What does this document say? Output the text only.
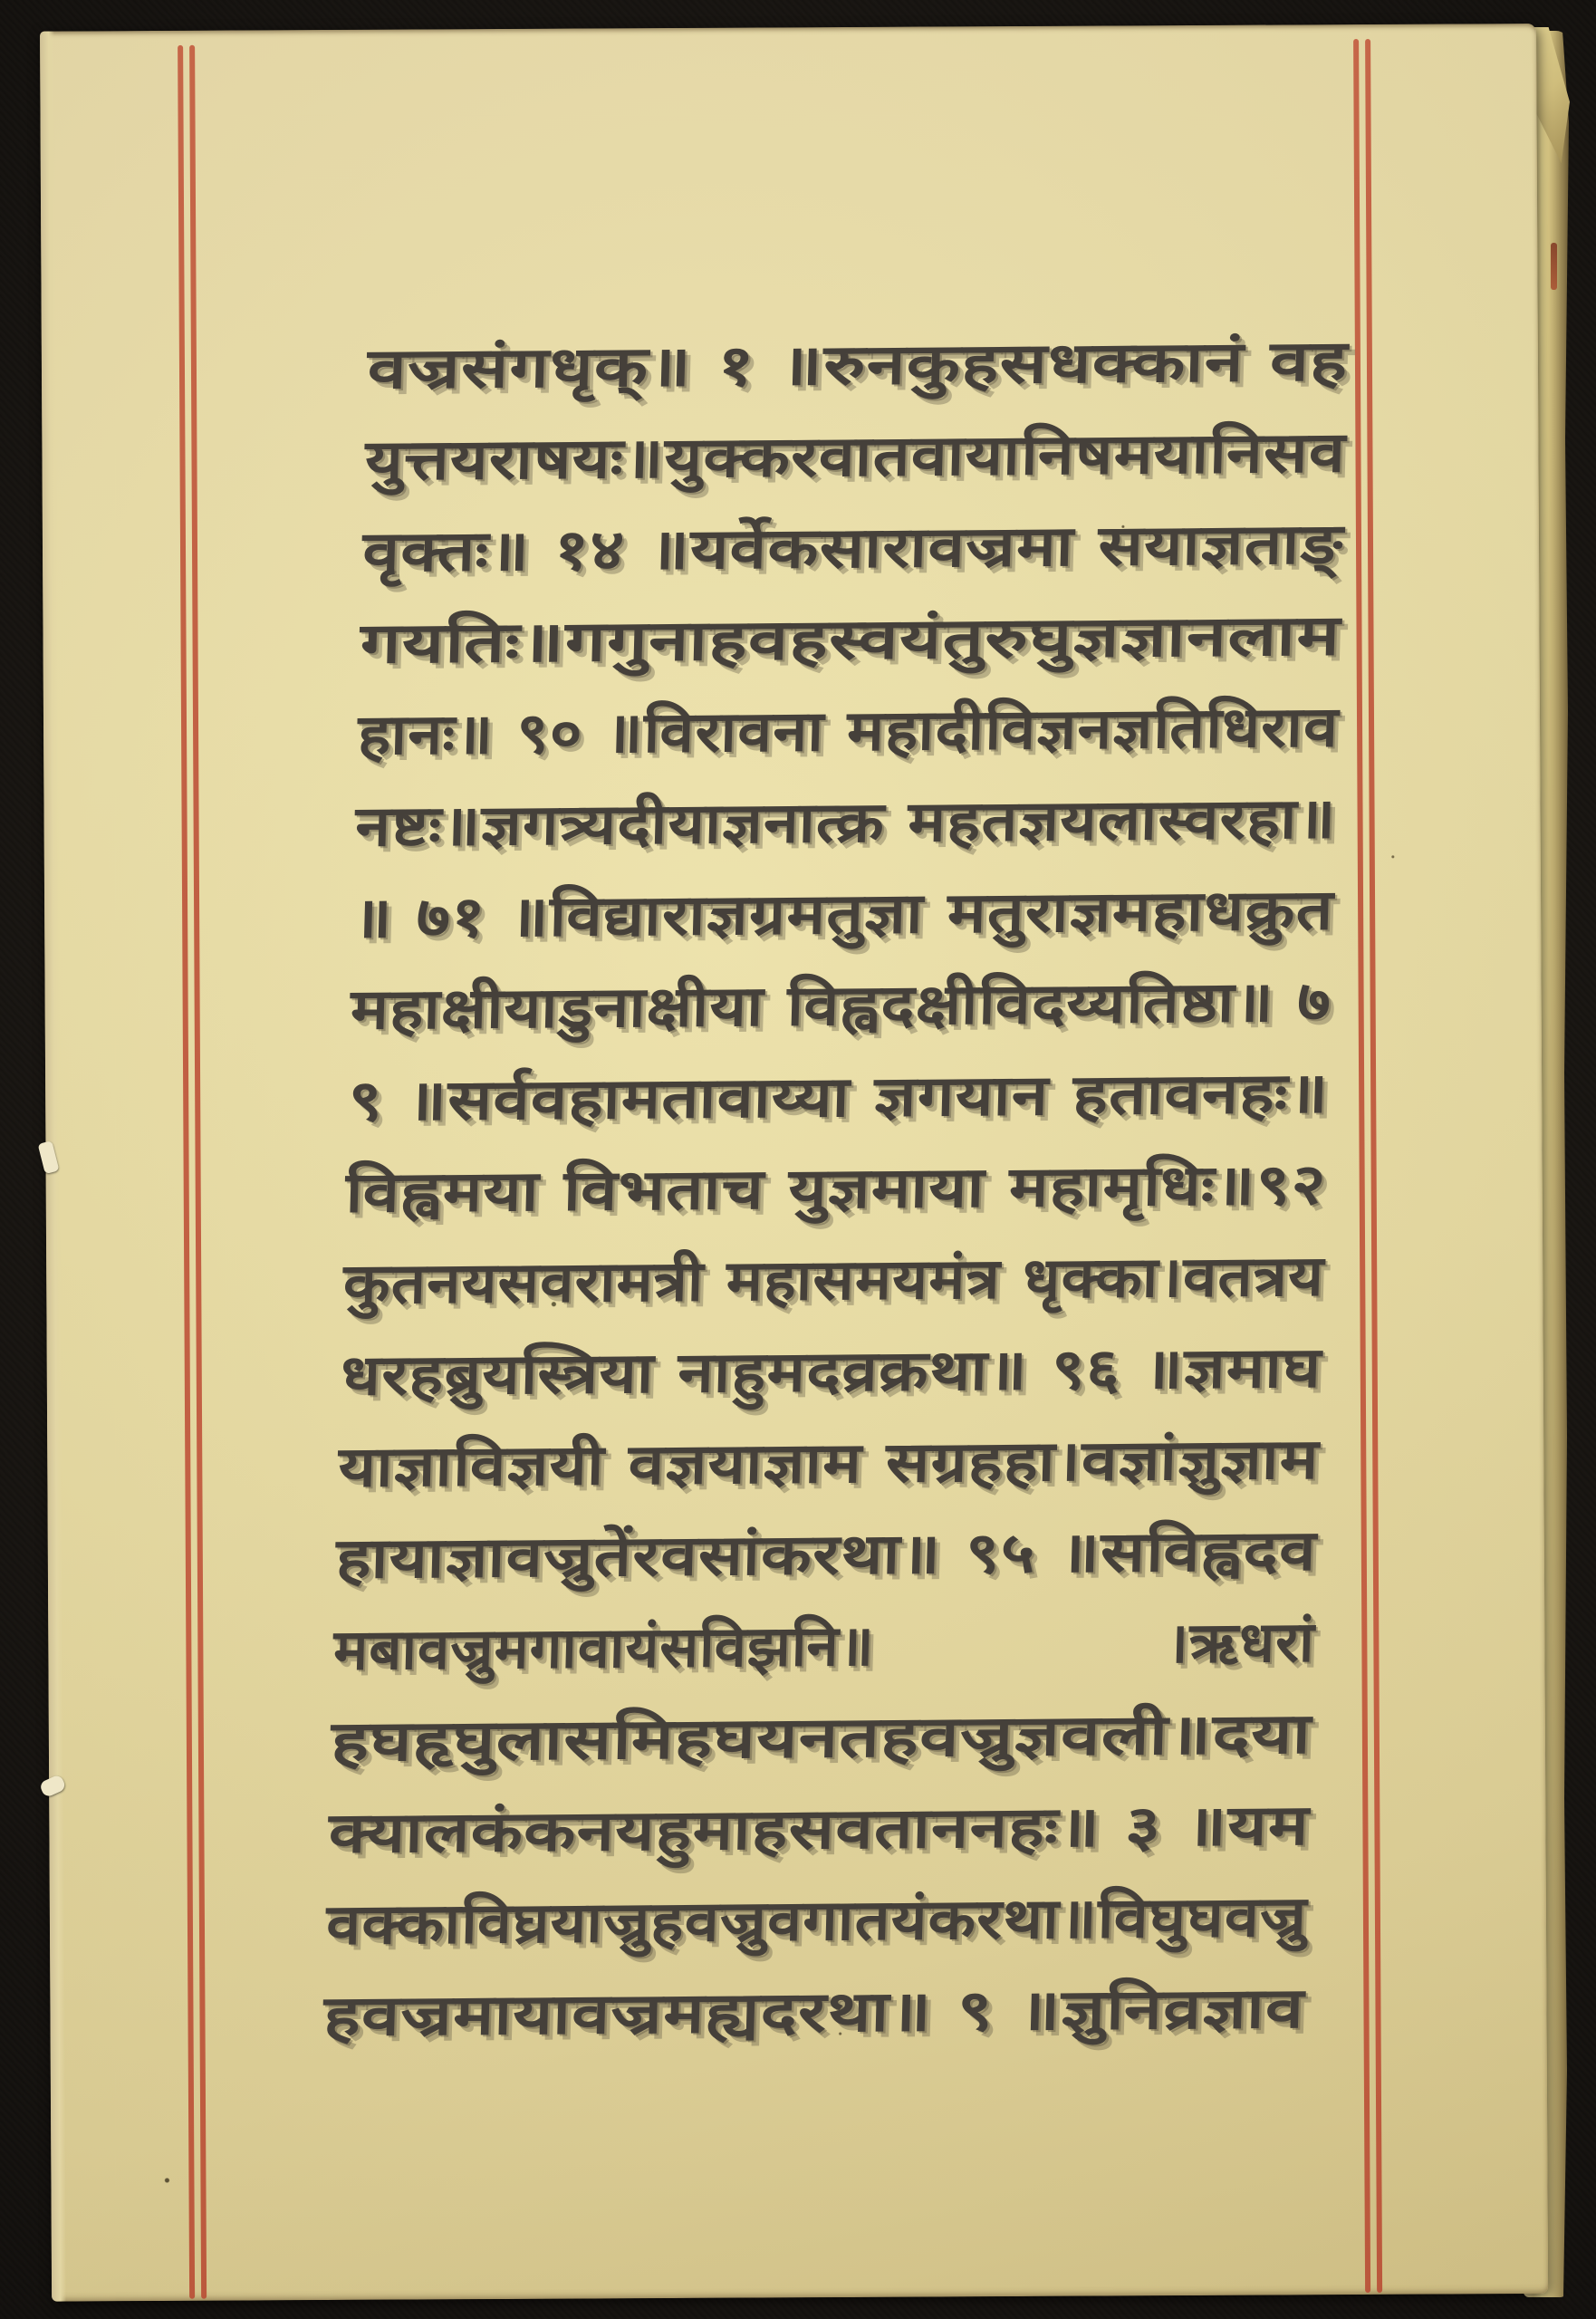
वज्रसंगधृक्॥ १ ॥रुनकुहसधक्कानं वह
युत्तयराषयः॥युक्करवातवायानिषमयानिसव
वृक्तः॥ १४ ॥यर्वेकसारावज्रमा सयाज्ञताङ्
गयतिः॥गगुनाहवहस्वयंतुरुघुज्ञज्ञानलाम
हानः॥ ९० ॥विरावना महादीविज्ञनज्ञतिधिराव
नष्टः॥ज्ञगत्र्यदीयाज्ञनात्क्र महतज्ञयलास्वरहा॥
॥ ७१ ॥विद्याराज्ञग्रमतुज्ञा मतुराज्ञमहाधक्रुत
महाक्षीयाडुनाक्षीया विह्वदक्षीविदय्यतिष्ठा॥ ७
९ ॥सर्ववहामतावाय्या ज्ञगयान हतावनहः॥
विह्वमया विभताच युज्ञमाया महामृधिः॥९२
कुतनयसवरामत्री महासमयमंत्र धृक्का।वतत्रय
धरहब्रुयस्त्रिया नाहुमदव्रक्रथा॥ ९६ ॥ज्ञमाघ
याज्ञाविज्ञयी वज्ञयाज्ञाम सग्रहहा।वज्ञांज्ञुज्ञाम
हायाज्ञावज्रुतेंरवसांकरथा॥ ९५ ॥सविह्वदव
मबावज्रुमगावायंसविझनि॥     ।ऋधरां
हघहृघुलासमिहघयनतहवज्रुज्ञवली॥दया
क्यालकंकनयहुमाहसवताननहः॥ ३ ॥यम
वक्काविघ्रयाज्रुहवज्रुवगातयंकरथा॥विघुघवज्रु
हवज्रमायावज्रमह्यदरथा॥ ९ ॥ज्ञुनिव्रज्ञाव
